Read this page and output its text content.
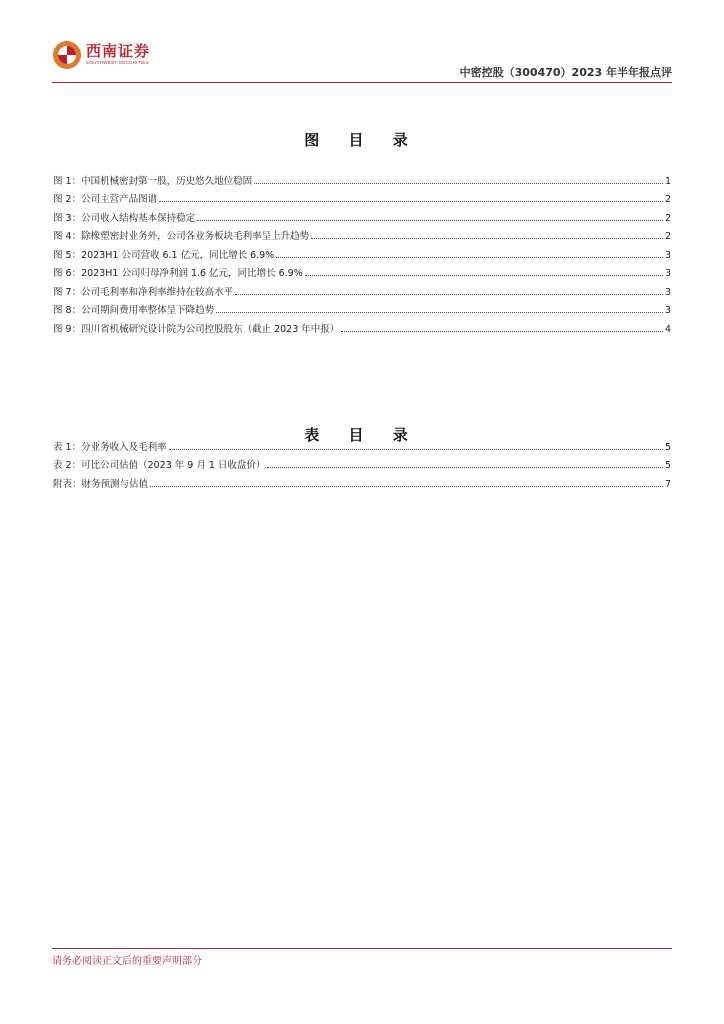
西南证券
SOUTHWEST SECURITIES
中密控股（300470）2023 年半年报点评
图 目 录
图 1：中国机械密封第一股，历史悠久地位稳固	1
图 2：公司主营产品图谱	2
图 3：公司收入结构基本保持稳定	2
图 4：除橡塑密封业务外，公司各业务板块毛利率呈上升趋势	2
图 5：2023H1 公司营收 6.1 亿元，同比增长 6.9%	3
图 6：2023H1 公司归母净利润 1.6 亿元，同比增长 6.9%	3
图 7：公司毛利率和净利率维持在较高水平	3
图 8：公司期间费用率整体呈下降趋势	3
图 9：四川省机械研究设计院为公司控股股东（截止 2023 年中报）	4
表 目 录
表 1：分业务收入及毛利率	5
表 2：可比公司估值（2023 年 9 月 1 日收盘价）	5
附表：财务预测与估值	7
请务必阅读正文后的重要声明部分
